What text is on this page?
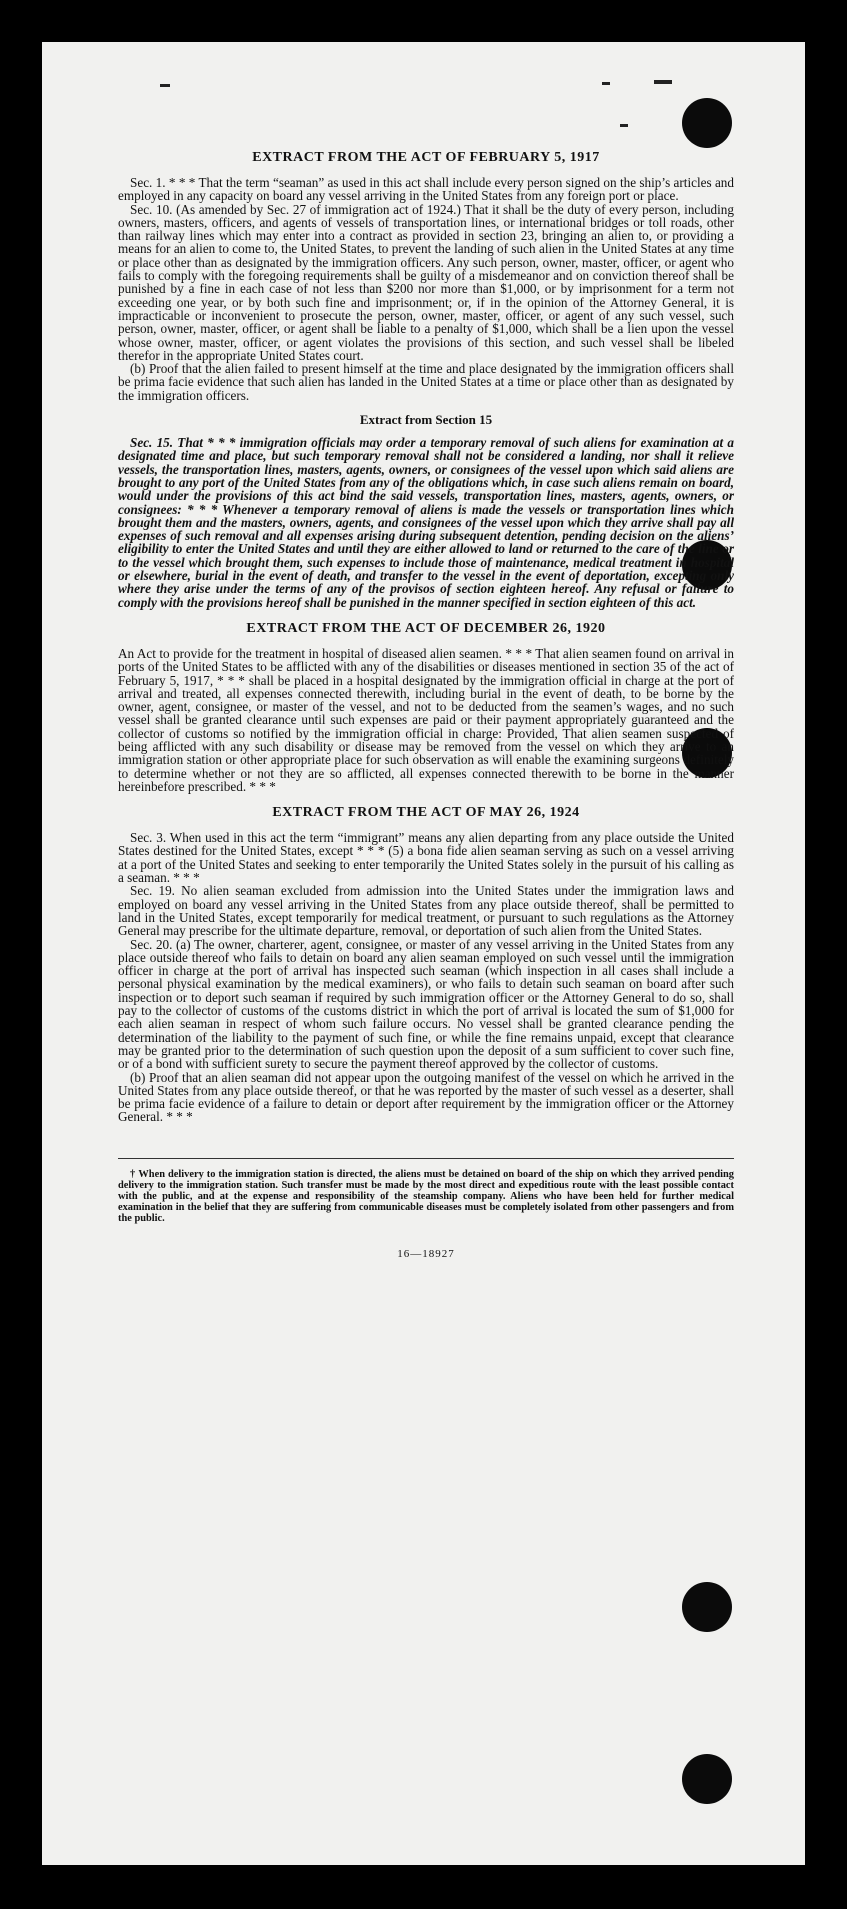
EXTRACT FROM THE ACT OF FEBRUARY 5, 1917

Sec. 1. * * * That the term “seaman” as used in this act shall include every person signed on the ship’s articles and employed in any capacity on board any vessel arriving in the United States from any foreign port or place.

Sec. 10. (As amended by Sec. 27 of immigration act of 1924.) That it shall be the duty of every person, including owners, masters, officers, and agents of vessels of transportation lines, or international bridges or toll roads, other than railway lines which may enter into a contract as provided in section 23, bringing an alien to, or providing a means for an alien to come to, the United States, to prevent the landing of such alien in the United States at any time or place other than as designated by the immigration officers. Any such person, owner, master, officer, or agent who fails to comply with the foregoing requirements shall be guilty of a misdemeanor and on conviction thereof shall be punished by a fine in each case of not less than $200 nor more than $1,000, or by imprisonment for a term not exceeding one year, or by both such fine and imprisonment; or, if in the opinion of the Attorney General, it is impracticable or inconvenient to prosecute the person, owner, master, officer, or agent of any such vessel, such person, owner, master, officer, or agent shall be liable to a penalty of $1,000, which shall be a lien upon the vessel whose owner, master, officer, or agent violates the provisions of this section, and such vessel shall be libeled therefor in the appropriate United States court.

(b) Proof that the alien failed to present himself at the time and place designated by the immigration officers shall be prima facie evidence that such alien has landed in the United States at a time or place other than as designated by the immigration officers.

Extract from Section 15

Sec. 15. That * * * immigration officials may order a temporary removal of such aliens for examination at a designated time and place, but such temporary removal shall not be considered a landing, nor shall it relieve vessels, the transportation lines, masters, agents, owners, or consignees of the vessel upon which said aliens are brought to any port of the United States from any of the obligations which, in case such aliens remain on board, would under the provisions of this act bind the said vessels, transportation lines, masters, agents, owners, or consignees: * * * Whenever a temporary removal of aliens is made the vessels or transportation lines which brought them and the masters, owners, agents, and consignees of the vessel upon which they arrive shall pay all expenses of such removal and all expenses arising during subsequent detention, pending decision on the aliens’ eligibility to enter the United States and until they are either allowed to land or returned to the care of the line or to the vessel which brought them, such expenses to include those of maintenance, medical treatment in hospital or elsewhere, burial in the event of death, and transfer to the vessel in the event of deportation, excepting only where they arise under the terms of any of the provisos of section eighteen hereof. Any refusal or failure to comply with the provisions hereof shall be punished in the manner specified in section eighteen of this act.

EXTRACT FROM THE ACT OF DECEMBER 26, 1920

An Act to provide for the treatment in hospital of diseased alien seamen. * * * That alien seamen found on arrival in ports of the United States to be afflicted with any of the disabilities or diseases mentioned in section 35 of the act of February 5, 1917, * * * shall be placed in a hospital designated by the immigration official in charge at the port of arrival and treated, all expenses connected therewith, including burial in the event of death, to be borne by the owner, agent, consignee, or master of the vessel, and not to be deducted from the seamen’s wages, and no such vessel shall be granted clearance until such expenses are paid or their payment appropriately guaranteed and the collector of customs so notified by the immigration official in charge: Provided, That alien seamen suspected of being afflicted with any such disability or disease may be removed from the vessel on which they arrive to an immigration station or other appropriate place for such observation as will enable the examining surgeons definitely to determine whether or not they are so afflicted, all expenses connected therewith to be borne in the manner hereinbefore prescribed. * * *

EXTRACT FROM THE ACT OF MAY 26, 1924

Sec. 3. When used in this act the term “immigrant” means any alien departing from any place outside the United States destined for the United States, except * * * (5) a bona fide alien seaman serving as such on a vessel arriving at a port of the United States and seeking to enter temporarily the United States solely in the pursuit of his calling as a seaman. * * *

Sec. 19. No alien seaman excluded from admission into the United States under the immigration laws and employed on board any vessel arriving in the United States from any place outside thereof, shall be permitted to land in the United States, except temporarily for medical treatment, or pursuant to such regulations as the Attorney General may prescribe for the ultimate departure, removal, or deportation of such alien from the United States.

Sec. 20. (a) The owner, charterer, agent, consignee, or master of any vessel arriving in the United States from any place outside thereof who fails to detain on board any alien seaman employed on such vessel until the immigration officer in charge at the port of arrival has inspected such seaman (which inspection in all cases shall include a personal physical examination by the medical examiners), or who fails to detain such seaman on board after such inspection or to deport such seaman if required by such immigration officer or the Attorney General to do so, shall pay to the collector of customs of the customs district in which the port of arrival is located the sum of $1,000 for each alien seaman in respect of whom such failure occurs. No vessel shall be granted clearance pending the determination of the liability to the payment of such fine, or while the fine remains unpaid, except that clearance may be granted prior to the determination of such question upon the deposit of a sum sufficient to cover such fine, or of a bond with sufficient surety to secure the payment thereof approved by the collector of customs.

(b) Proof that an alien seaman did not appear upon the outgoing manifest of the vessel on which he arrived in the United States from any place outside thereof, or that he was reported by the master of such vessel as a deserter, shall be prima facie evidence of a failure to detain or deport after requirement by the immigration officer or the Attorney General. * * *

† When delivery to the immigration station is directed, the aliens must be detained on board of the ship on which they arrived pending delivery to the immigration station. Such transfer must be made by the most direct and expeditious route with the least possible contact with the public, and at the expense and responsibility of the steamship company. Aliens who have been held for further medical examination in the belief that they are suffering from communicable diseases must be completely isolated from other passengers and from the public.

16—18927
